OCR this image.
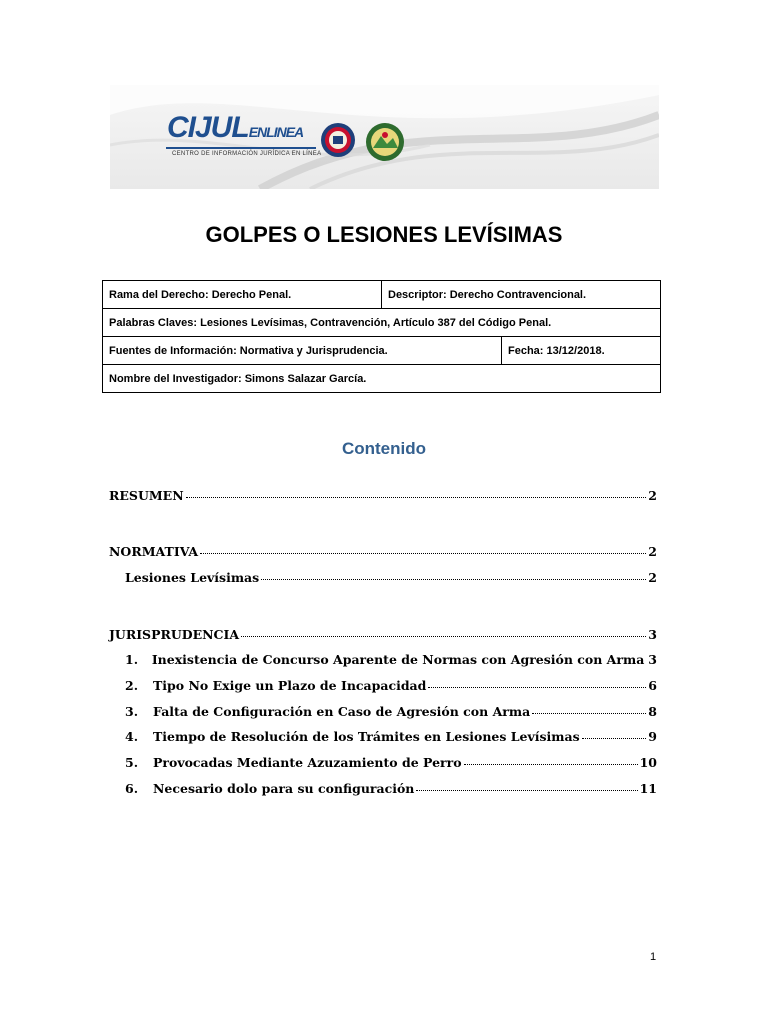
CIJULENLINEA
CENTRO DE INFORMACIÓN JURÍDICA EN LÍNEA
GOLPES O LESIONES LEVÍSIMAS
Rama del Derecho: Derecho Penal.	Descriptor: Derecho Contravencional.	
Palabras Claves: Lesiones Levísimas, Contravención, Artículo 387 del Código Penal.		
Fuentes de Información: Normativa y Jurisprudencia.		Fecha: 13/12/2018.
Nombre del Investigador: Simons Salazar García.		
Contenido
RESUMEN	2
NORMATIVA	2
Lesiones Levísimas	2
JURISPRUDENCIA	3
1.	Inexistencia de Concurso Aparente de Normas con Agresión con Arma 3
2.	Tipo No Exige un Plazo de Incapacidad	6
3.	Falta de Configuración en Caso de Agresión con Arma	8
4.	Tiempo de Resolución de los Trámites en Lesiones Levísimas	9
5.	Provocadas Mediante Azuzamiento de Perro	10
6.	Necesario dolo para su configuración	11
1
